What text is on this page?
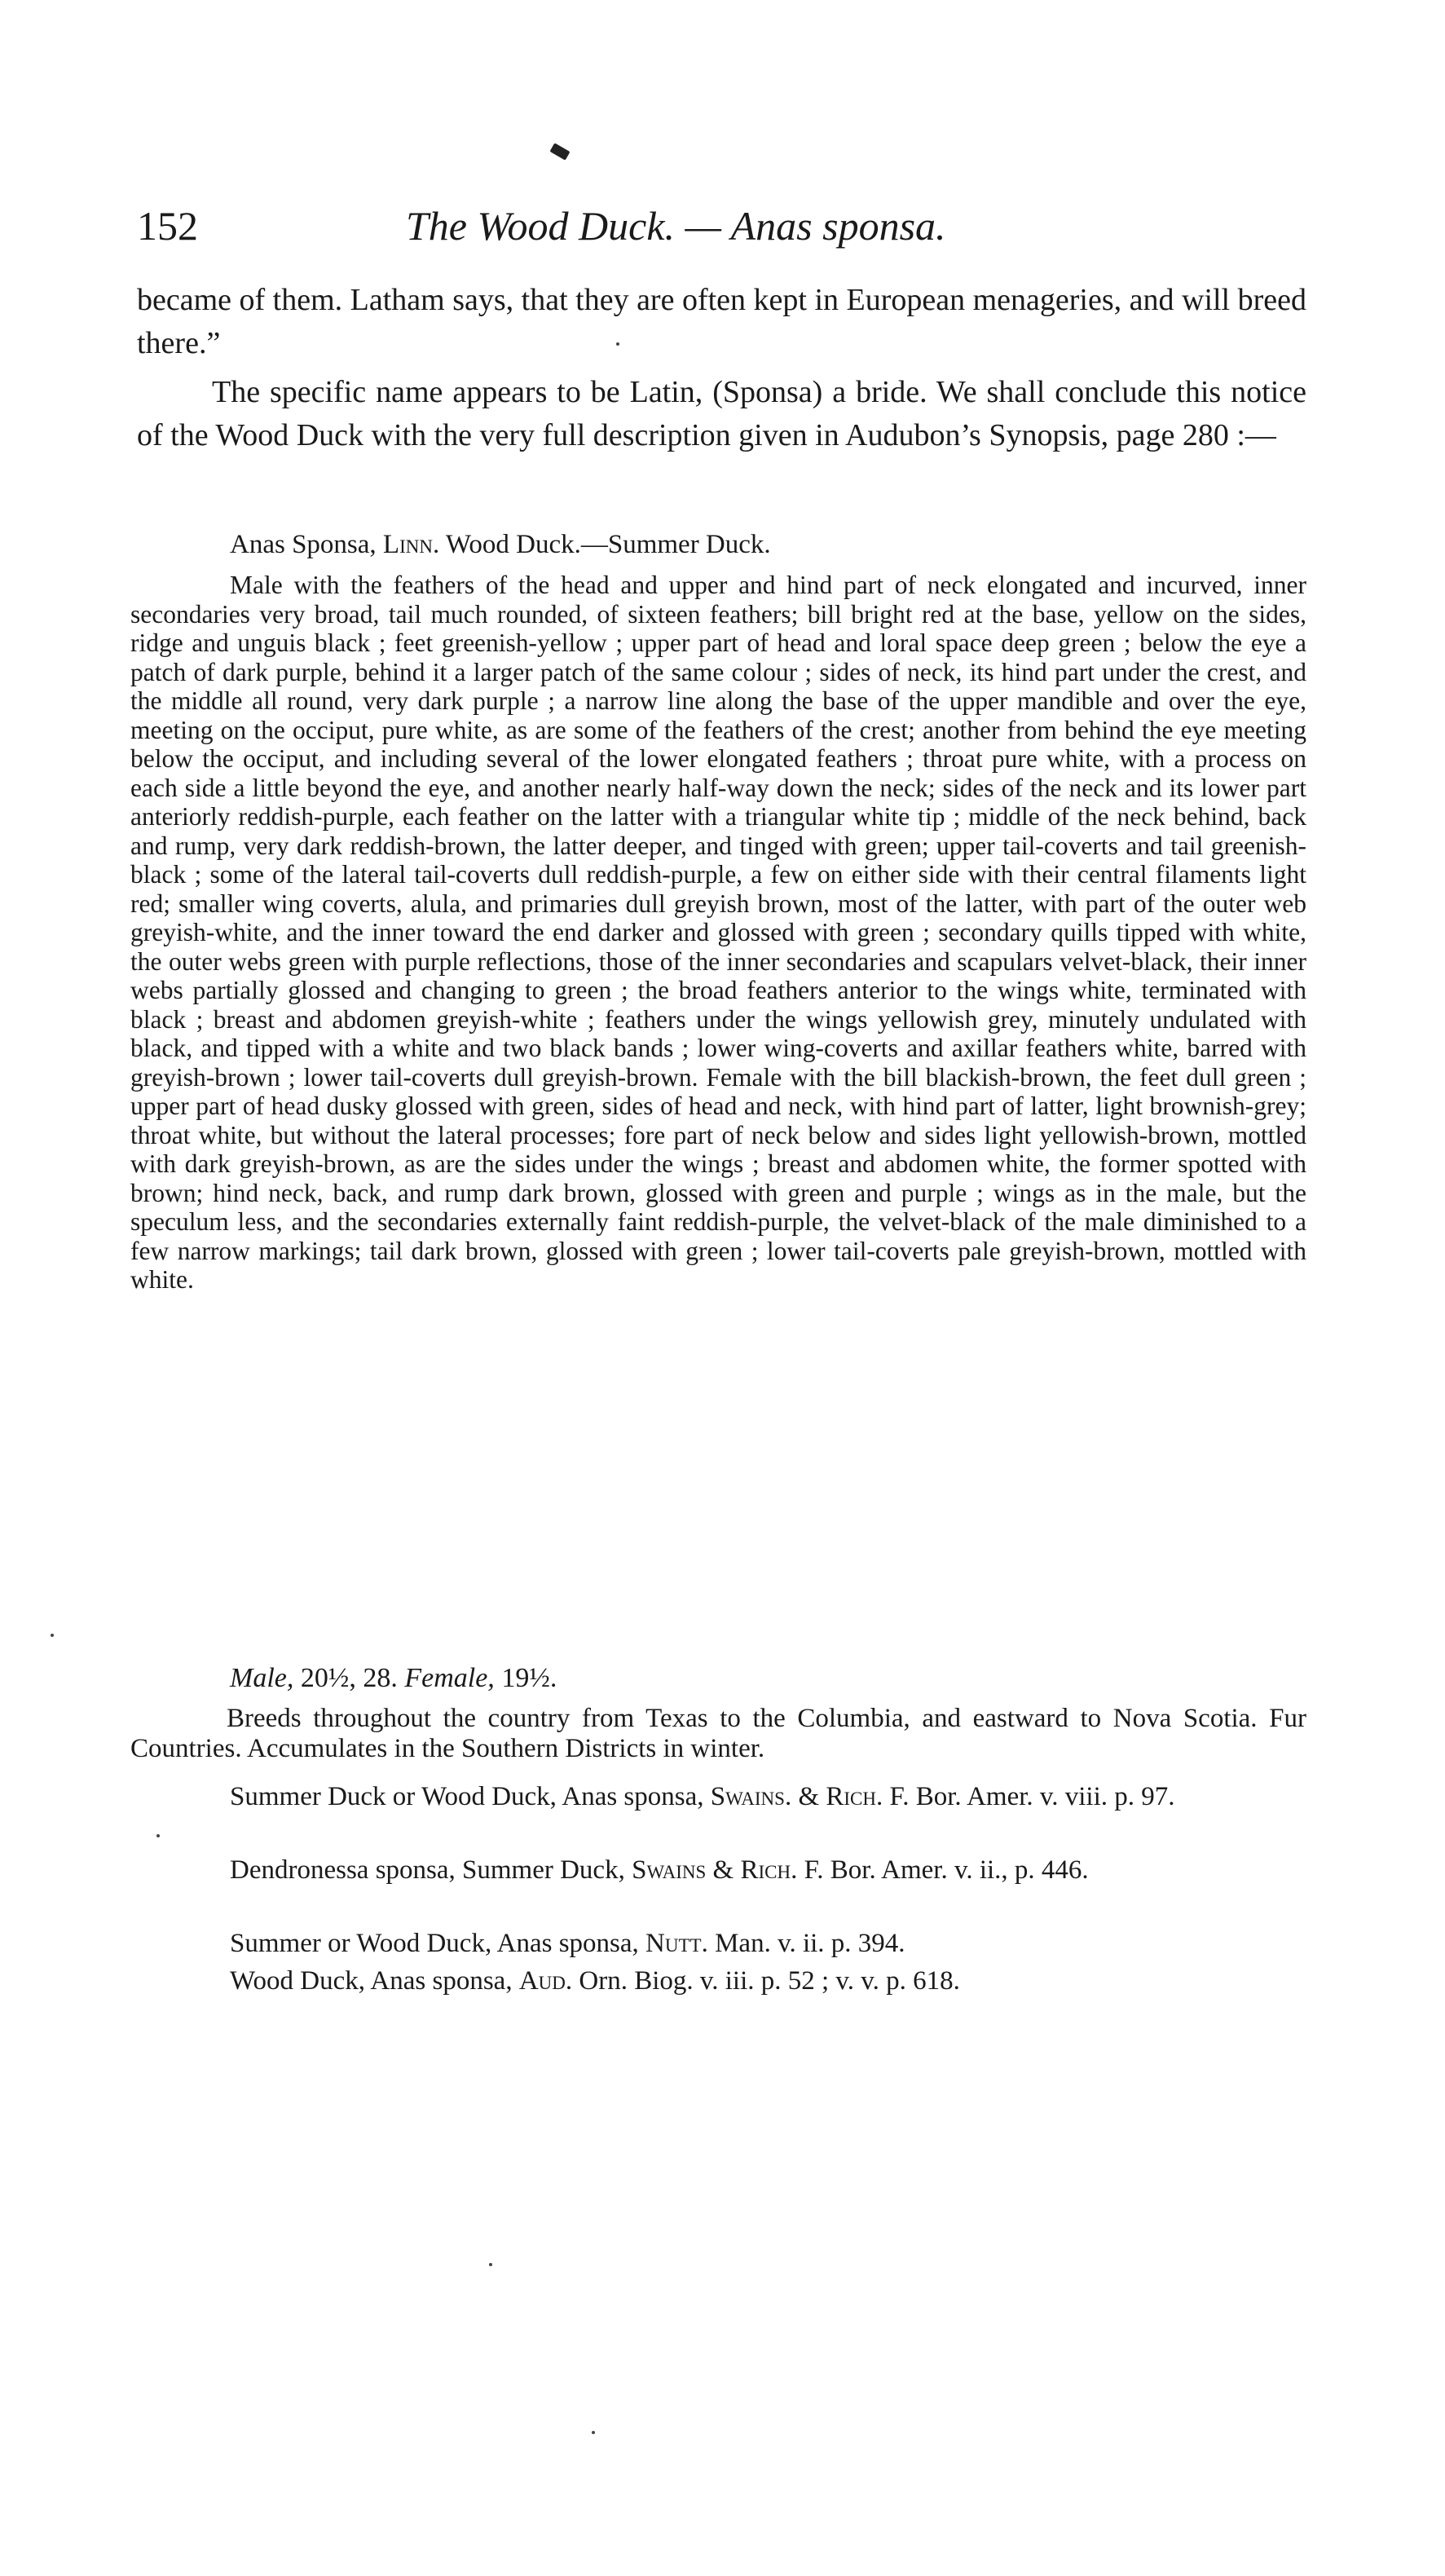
152	The Wood Duck. — Anas sponsa.

became of them. Latham says, that they are often kept in European menageries, and will breed there.”

The specific name appears to be Latin, (Sponsa) a bride. We shall conclude this notice of the Wood Duck with the very full description given in Audubon’s Synopsis, page 280 :—

Anas Sponsa, Linn. Wood Duck.—Summer Duck.

Male with the feathers of the head and upper and hind part of neck elongated and incurved, inner secondaries very broad, tail much rounded, of sixteen feathers; bill bright red at the base, yellow on the sides, ridge and unguis black ; feet greenish-yellow ; upper part of head and loral space deep green ; below the eye a patch of dark purple, behind it a larger patch of the same colour ; sides of neck, its hind part under the crest, and the middle all round, very dark purple ; a narrow line along the base of the upper mandible and over the eye, meeting on the occiput, pure white, as are some of the feathers of the crest; another from behind the eye meeting below the occiput, and including several of the lower elongated feathers ; throat pure white, with a process on each side a little beyond the eye, and another nearly half-way down the neck; sides of the neck and its lower part anteriorly reddish-purple, each feather on the latter with a triangular white tip ; middle of the neck behind, back and rump, very dark reddish-brown, the latter deeper, and tinged with green; upper tail-coverts and tail greenish-black ; some of the lateral tail-coverts dull reddish-purple, a few on either side with their central filaments light red; smaller wing coverts, alula, and primaries dull greyish brown, most of the latter, with part of the outer web greyish-white, and the inner toward the end darker and glossed with green ; secondary quills tipped with white, the outer webs green with purple reflections, those of the inner secondaries and scapulars velvet-black, their inner webs partially glossed and changing to green ; the broad feathers anterior to the wings white, terminated with black ; breast and abdomen greyish-white ; feathers under the wings yellowish grey, minutely undulated with black, and tipped with a white and two black bands ; lower wing-coverts and axillar feathers white, barred with greyish-brown ; lower tail-coverts dull greyish-brown. Female with the bill blackish-brown, the feet dull green ; upper part of head dusky glossed with green, sides of head and neck, with hind part of latter, light brownish-grey; throat white, but without the lateral processes; fore part of neck below and sides light yellowish-brown, mottled with dark greyish-brown, as are the sides under the wings ; breast and abdomen white, the former spotted with brown; hind neck, back, and rump dark brown, glossed with green and purple ; wings as in the male, but the speculum less, and the secondaries externally faint reddish-purple, the velvet-black of the male diminished to a few narrow markings; tail dark brown, glossed with green ; lower tail-coverts pale greyish-brown, mottled with white.

Male, 20½, 28. Female, 19½.

Breeds throughout the country from Texas to the Columbia, and eastward to Nova Scotia. Fur Countries. Accumulates in the Southern Districts in winter.

Summer Duck or Wood Duck, Anas sponsa, Swains. & Rich. F. Bor. Amer. v. viii. p. 97.

Dendronessa sponsa, Summer Duck, Swains & Rich. F. Bor. Amer. v. ii., p. 446.

Summer or Wood Duck, Anas sponsa, Nutt. Man. v. ii. p. 394.

Wood Duck, Anas sponsa, Aud. Orn. Biog. v. iii. p. 52 ; v. v. p. 618.
